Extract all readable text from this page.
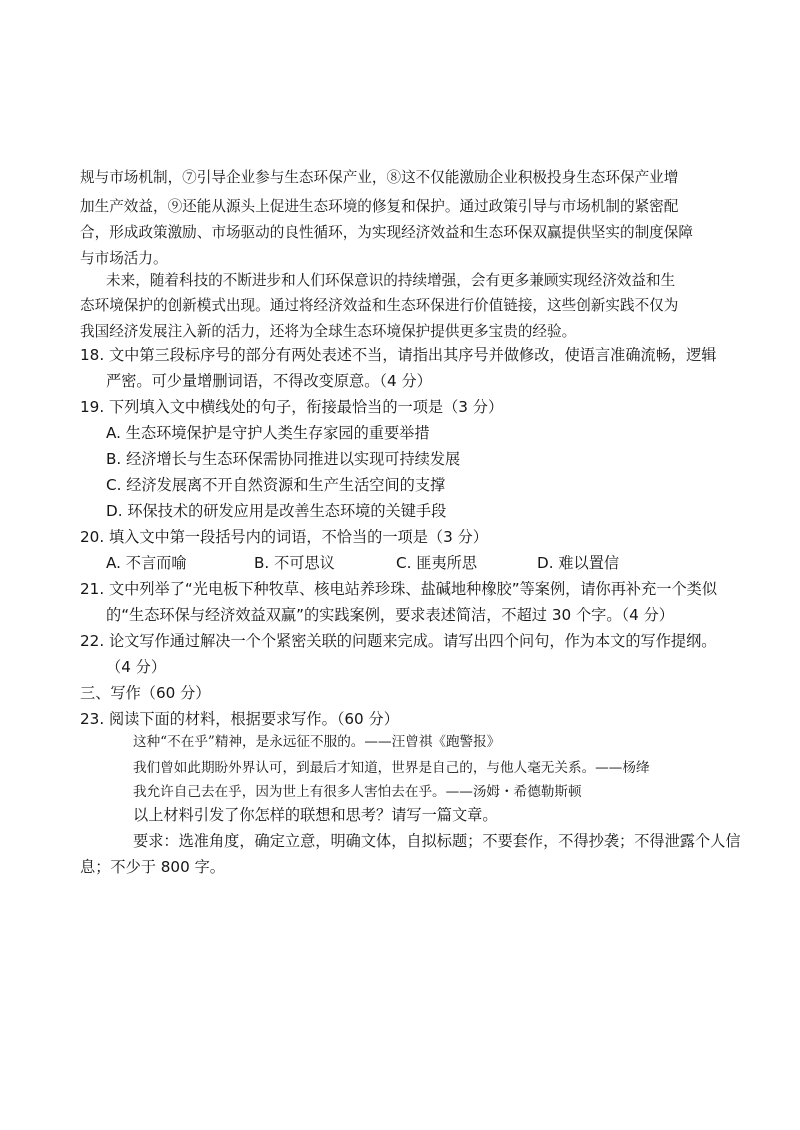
规与市场机制，⑦引导企业参与生态环保产业，⑧这不仅能激励企业积极投身生态环保产业增
加生产效益，⑨还能从源头上促进生态环境的修复和保护。通过政策引导与市场机制的紧密配
合，形成政策激励、市场驱动的良性循环，为实现经济效益和生态环保双赢提供坚实的制度保障
与市场活力。
未来，随着科技的不断进步和人们环保意识的持续增强，会有更多兼顾实现经济效益和生
态环境保护的创新模式出现。通过将经济效益和生态环保进行价值链接，这些创新实践不仅为
我国经济发展注入新的活力，还将为全球生态环境保护提供更多宝贵的经验。
18. 文中第三段标序号的部分有两处表述不当，请指出其序号并做修改，使语言准确流畅，逻辑
严密。可少量增删词语，不得改变原意。（4 分）
19. 下列填入文中横线处的句子，衔接最恰当的一项是（3 分）
A. 生态环境保护是守护人类生存家园的重要举措
B. 经济增长与生态环保需协同推进以实现可持续发展
C. 经济发展离不开自然资源和生产生活空间的支撑
D. 环保技术的研发应用是改善生态环境的关键手段
20. 填入文中第一段括号内的词语，不恰当的一项是（3 分）
A. 不言而喻	B. 不可思议	C. 匪夷所思	D. 难以置信
21. 文中列举了“光电板下种牧草、核电站养珍珠、盐碱地种橡胶”等案例，请你再补充一个类似
的“生态环保与经济效益双赢”的实践案例，要求表述简洁，不超过 30 个字。（4 分）
22. 论文写作通过解决一个个紧密关联的问题来完成。请写出四个问句，作为本文的写作提纲。
（4 分）
三、写作（60 分）
23. 阅读下面的材料，根据要求写作。（60 分）
这种“不在乎”精神，是永远征不服的。——汪曾祺《跑警报》
我们曾如此期盼外界认可，到最后才知道，世界是自己的，与他人毫无关系。——杨绛
我允许自己去在乎，因为世上有很多人害怕去在乎。——汤姆・希德勒斯顿
以上材料引发了你怎样的联想和思考？请写一篇文章。
要求：选准角度，确定立意，明确文体，自拟标题；不要套作，不得抄袭；不得泄露个人信
息；不少于 800 字。
